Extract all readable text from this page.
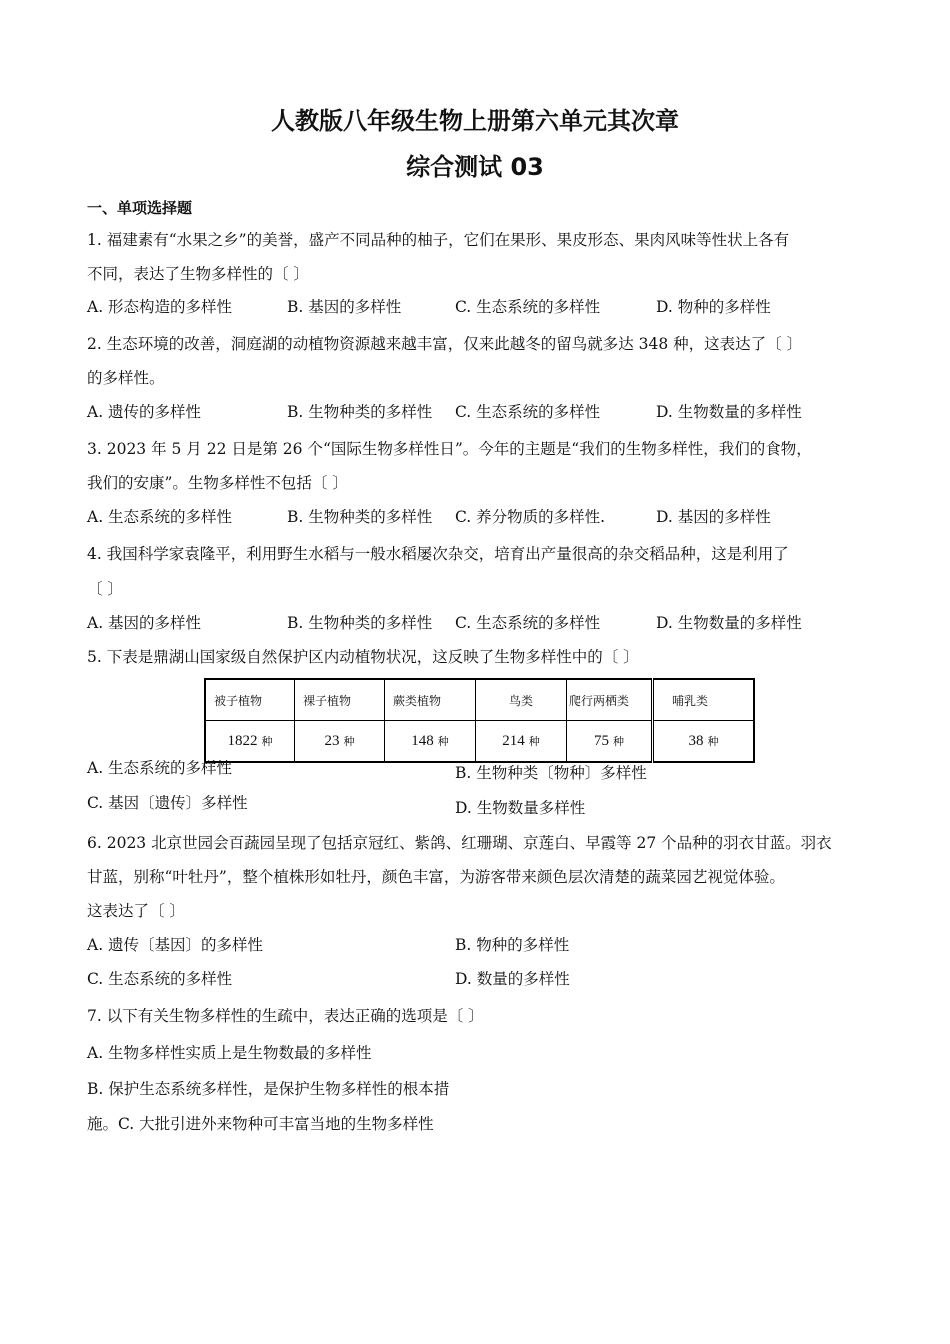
人教版八年级生物上册第六单元其次章
综合测试 03
一、单项选择题
1. 福建素有“水果之乡”的美誉，盛产不同品种的柚子，它们在果形、果皮形态、果肉风味等性状上各有
不同，表达了生物多样性的〔 〕
A. 形态构造的多样性	B. 基因的多样性	C. 生态系统的多样性	D. 物种的多样性
2. 生态环境的改善，洞庭湖的动植物资源越来越丰富，仅来此越冬的留鸟就多达 348 种，这表达了〔 〕
的多样性。
A. 遗传的多样性	B. 生物种类的多样性 C. 生态系统的多样性	D. 生物数量的多样性
3. 2023 年 5 月 22 日是第 26 个“国际生物多样性日”。今年的主题是“我们的生物多样性，我们的食物，
我们的安康”。生物多样性不包括〔 〕
A. 生态系统的多样性	B. 生物种类的多样性 C. 养分物质的多样性.	D. 基因的多样性
4. 我国科学家袁隆平，利用野生水稻与一般水稻屡次杂交，培育出产量很高的杂交稻品种，这是利用了
〔 〕
A. 基因的多样性	B. 生物种类的多样性 C. 生态系统的多样性	D. 生物数量的多样性
5. 下表是鼎湖山国家级自然保护区内动植物状况，这反映了生物多样性中的〔 〕
被子植物	裸子植物	蕨类植物	鸟类	爬行两栖类	哺乳类
1822 种	23 种	148 种	214 种	75 种	38 种
A. 生态系统的多样性	B. 生物种类〔物种〕多样性
C. 基因〔遗传〕多样性	D. 生物数量多样性
6. 2023 北京世园会百蔬园呈现了包括京冠红、紫鸽、红珊瑚、京莲白、早霞等 27 个品种的羽衣甘蓝。羽衣
甘蓝，别称“叶牡丹”，整个植株形如牡丹，颜色丰富，为游客带来颜色层次清楚的蔬菜园艺视觉体验。
这表达了〔 〕
A. 遗传〔基因〕的多样性	B. 物种的多样性
C. 生态系统的多样性	D. 数量的多样性
7. 以下有关生物多样性的生疏中，表达正确的选项是〔 〕
A. 生物多样性实质上是生物数最的多样性
B. 保护生态系统多样性，是保护生物多样性的根本措
施。C. 大批引进外来物种可丰富当地的生物多样性
